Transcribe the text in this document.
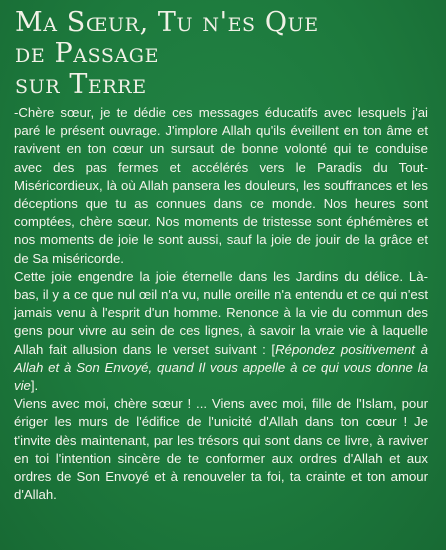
Ma Sœur, Tu n'es Que
de Passage
sur Terre

-Chère sœur, je te dédie ces messages éducatifs avec lesquels j'ai paré le présent ouvrage. J'implore Allah qu'ils éveillent en ton âme et ravivent en ton cœur un sursaut de bonne volonté qui te conduise avec des pas fermes et accélérés vers le Paradis du Tout-Miséricordieux, là où Allah pansera les douleurs, les souffrances et les déceptions que tu as connues dans ce monde. Nos heures sont comptées, chère sœur. Nos moments de tristesse sont éphémères et nos moments de joie le sont aussi, sauf la joie de jouir de la grâce et de Sa miséricorde.

Cette joie engendre la joie éternelle dans les Jardins du délice. Là-bas, il y a ce que nul œil n'a vu, nulle oreille n'a entendu et ce qui n'est jamais venu à l'esprit d'un homme. Renonce à la vie du commun des gens pour vivre au sein de ces lignes, à savoir la vraie vie à laquelle Allah fait allusion dans le verset suivant : [Répondez positivement à Allah et à Son Envoyé, quand Il vous appelle à ce qui vous donne la vie].

Viens avec moi, chère sœur ! ... Viens avec moi, fille de l'Islam, pour ériger les murs de l'édifice de l'unicité d'Allah dans ton cœur ! Je t'invite dès maintenant, par les trésors qui sont dans ce livre, à raviver en toi l'intention sincère de te conformer aux ordres d'Allah et aux ordres de Son Envoyé et à renouveler ta foi, ta crainte et ton amour d'Allah.
